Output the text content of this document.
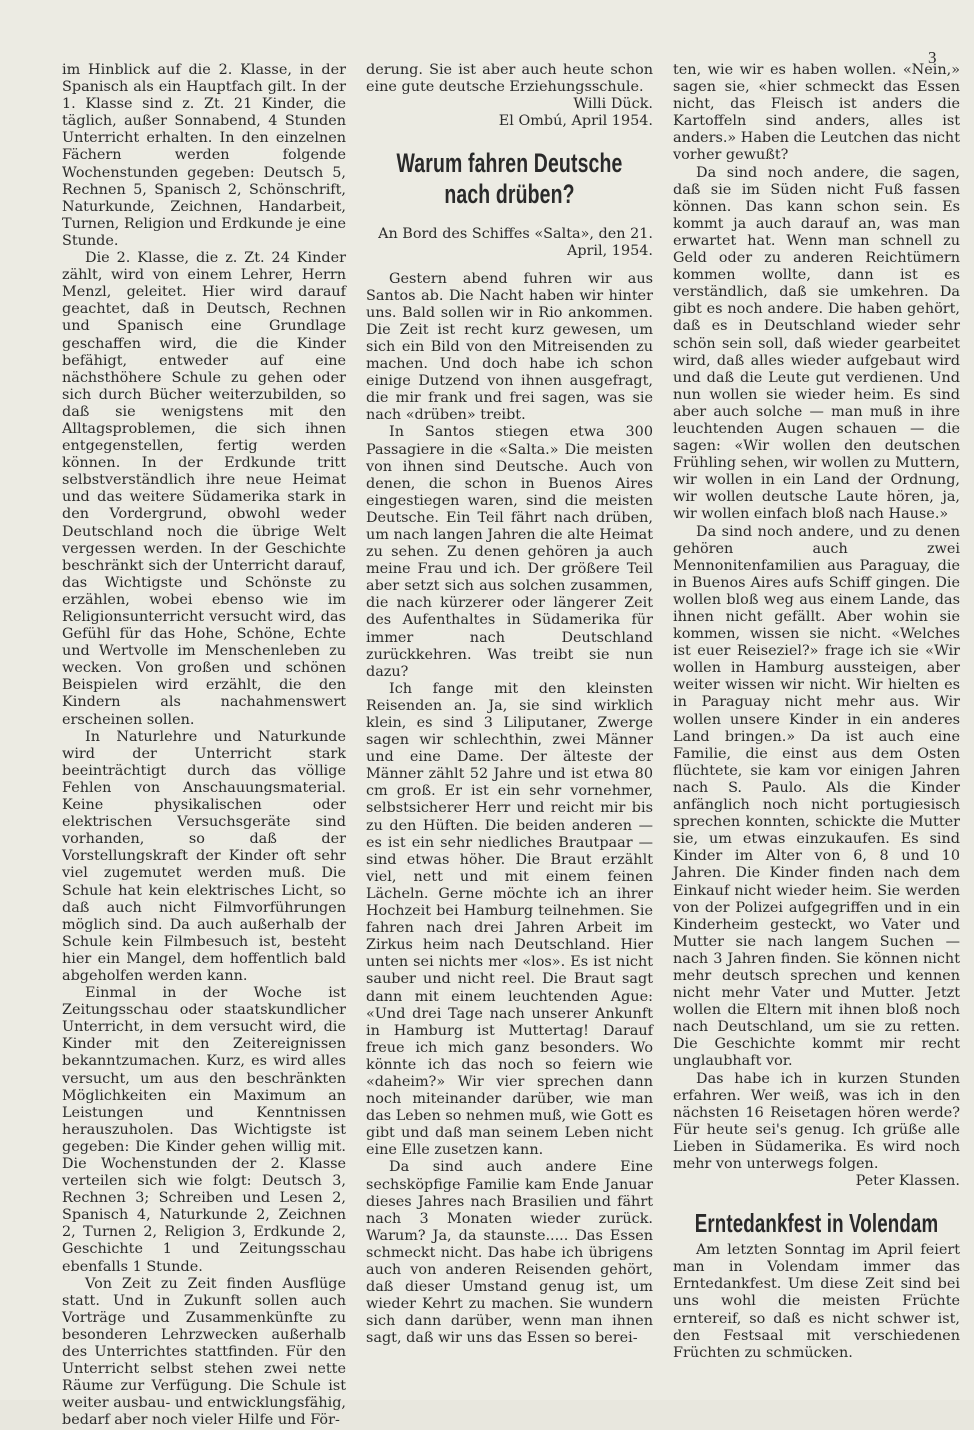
3

im Hinblick auf die 2. Klasse, in der Spanisch als ein Hauptfach gilt. In der 1. Klasse sind z. Zt. 21 Kinder, die täglich, außer Sonnabend, 4 Stunden Unterricht erhalten. In den einzelnen Fächern werden folgende Wochenstunden gegeben: Deutsch 5, Rechnen 5, Spanisch 2, Schönschrift, Naturkunde, Zeichnen, Handarbeit, Turnen, Religion und Erdkunde je eine Stunde.

Die 2. Klasse, die z. Zt. 24 Kinder zählt, wird von einem Lehrer, Herrn Menzl, geleitet. Hier wird darauf geachtet, daß in Deutsch, Rechnen und Spanisch eine Grundlage geschaffen wird, die die Kinder befähigt, entweder auf eine nächsthöhere Schule zu gehen oder sich durch Bücher weiterzubilden, so daß sie wenigstens mit den Alltagsproblemen, die sich ihnen entgegenstellen, fertig werden können. In der Erdkunde tritt selbstverständlich ihre neue Heimat und das weitere Südamerika stark in den Vordergrund, obwohl weder Deutschland noch die übrige Welt vergessen werden. In der Geschichte beschränkt sich der Unterricht darauf, das Wichtigste und Schönste zu erzählen, wobei ebenso wie im Religionsunterricht versucht wird, das Gefühl für das Hohe, Schöne, Echte und Wertvolle im Menschenleben zu wecken. Von großen und schönen Beispielen wird erzählt, die den Kindern als nachahmenswert erscheinen sollen.

In Naturlehre und Naturkunde wird der Unterricht stark beeinträchtigt durch das völlige Fehlen von Anschauungsmaterial. Keine physikalischen oder elektrischen Versuchsgeräte sind vorhanden, so daß der Vorstellungskraft der Kinder oft sehr viel zugemutet werden muß. Die Schule hat kein elektrisches Licht, so daß auch nicht Filmvorführungen möglich sind. Da auch außerhalb der Schule kein Filmbesuch ist, besteht hier ein Mangel, dem hoffentlich bald abgeholfen werden kann.

Einmal in der Woche ist Zeitungsschau oder staatskundlicher Unterricht, in dem versucht wird, die Kinder mit den Zeitereignissen bekanntzumachen. Kurz, es wird alles versucht, um aus den beschränkten Möglichkeiten ein Maximum an Leistungen und Kenntnissen herauszuholen. Das Wichtigste ist gegeben: Die Kinder gehen willig mit. Die Wochenstunden der 2. Klasse verteilen sich wie folgt: Deutsch 3, Rechnen 3; Schreiben und Lesen 2, Spanisch 4, Naturkunde 2, Zeichnen 2, Turnen 2, Religion 3, Erdkunde 2, Geschichte 1 und Zeitungsschau ebenfalls 1 Stunde.

Von Zeit zu Zeit finden Ausflüge statt. Und in Zukunft sollen auch Vorträge und Zusammenkünfte zu besonderen Lehrzwecken außerhalb des Unterrichtes stattfinden. Für den Unterricht selbst stehen zwei nette Räume zur Verfügung. Die Schule ist weiter ausbau- und entwicklungsfähig, bedarf aber noch vieler Hilfe und För-

derung. Sie ist aber auch heute schon eine gute deutsche Erziehungsschule.

Willi Dück.
El Ombú, April 1954.
Warum fahren Deutsche nach drüben?
An Bord des Schiffes «Salta», den 21. April, 1954.

Gestern abend fuhren wir aus Santos ab. Die Nacht haben wir hinter uns. Bald sollen wir in Rio ankommen. Die Zeit ist recht kurz gewesen, um sich ein Bild von den Mitreisenden zu machen. Und doch habe ich schon einige Dutzend von ihnen ausgefragt, die mir frank und frei sagen, was sie nach «drüben» treibt.

In Santos stiegen etwa 300 Passagiere in die «Salta.» Die meisten von ihnen sind Deutsche. Auch von denen, die schon in Buenos Aires eingestiegen waren, sind die meisten Deutsche. Ein Teil fährt nach drüben, um nach langen Jahren die alte Heimat zu sehen. Zu denen gehören ja auch meine Frau und ich. Der größere Teil aber setzt sich aus solchen zusammen, die nach kürzerer oder längerer Zeit des Aufenthaltes in Südamerika für immer nach Deutschland zurückkehren. Was treibt sie nun dazu?

Ich fange mit den kleinsten Reisenden an. Ja, sie sind wirklich klein, es sind 3 Liliputaner, Zwerge sagen wir schlechthin, zwei Männer und eine Dame. Der älteste der Männer zählt 52 Jahre und ist etwa 80 cm groß. Er ist ein sehr vornehmer, selbstsicherer Herr und reicht mir bis zu den Hüften. Die beiden anderen — es ist ein sehr niedliches Brautpaar — sind etwas höher. Die Braut erzählt viel, nett und mit einem feinen Lächeln. Gerne möchte ich an ihrer Hochzeit bei Hamburg teilnehmen. Sie fahren nach drei Jahren Arbeit im Zirkus heim nach Deutschland. Hier unten sei nichts mer «los». Es ist nicht sauber und nicht reel. Die Braut sagt dann mit einem leuchtenden Ague: «Und drei Tage nach unserer Ankunft in Hamburg ist Muttertag! Darauf freue ich mich ganz besonders. Wo könnte ich das noch so feiern wie «daheim?» Wir vier sprechen dann noch miteinander darüber, wie man das Leben so nehmen muß, wie Gott es gibt und daß man seinem Leben nicht eine Elle zusetzen kann.

Da sind auch andere Eine sechsköpfige Familie kam Ende Januar dieses Jahres nach Brasilien und fährt nach 3 Monaten wieder zurück. Warum? Ja, da staunste..... Das Essen schmeckt nicht. Das habe ich übrigens auch von anderen Reisenden gehört, daß dieser Umstand genug ist, um wieder Kehrt zu machen. Sie wundern sich dann darüber, wenn man ihnen sagt, daß wir uns das Essen so berei-

ten, wie wir es haben wollen. «Nein,» sagen sie, «hier schmeckt das Essen nicht, das Fleisch ist anders die Kartoffeln sind anders, alles ist anders.» Haben die Leutchen das nicht vorher gewußt?

Da sind noch andere, die sagen, daß sie im Süden nicht Fuß fassen können. Das kann schon sein. Es kommt ja auch darauf an, was man erwartet hat. Wenn man schnell zu Geld oder zu anderen Reichtümern kommen wollte, dann ist es verständlich, daß sie umkehren. Da gibt es noch andere. Die haben gehört, daß es in Deutschland wieder sehr schön sein soll, daß wieder gearbeitet wird, daß alles wieder aufgebaut wird und daß die Leute gut verdienen. Und nun wollen sie wieder heim. Es sind aber auch solche — man muß in ihre leuchtenden Augen schauen — die sagen: «Wir wollen den deutschen Frühling sehen, wir wollen zu Muttern, wir wollen in ein Land der Ordnung, wir wollen deutsche Laute hören, ja, wir wollen einfach bloß nach Hause.»

Da sind noch andere, und zu denen gehören auch zwei Mennonitenfamilien aus Paraguay, die in Buenos Aires aufs Schiff gingen. Die wollen bloß weg aus einem Lande, das ihnen nicht gefällt. Aber wohin sie kommen, wissen sie nicht. «Welches ist euer Reiseziel?» frage ich sie «Wir wollen in Hamburg aussteigen, aber weiter wissen wir nicht. Wir hielten es in Paraguay nicht mehr aus. Wir wollen unsere Kinder in ein anderes Land bringen.» Da ist auch eine Familie, die einst aus dem Osten flüchtete, sie kam vor einigen Jahren nach S. Paulo. Als die Kinder anfänglich noch nicht portugiesisch sprechen konnten, schickte die Mutter sie, um etwas einzukaufen. Es sind Kinder im Alter von 6, 8 und 10 Jahren. Die Kinder finden nach dem Einkauf nicht wieder heim. Sie werden von der Polizei aufgegriffen und in ein Kinderheim gesteckt, wo Vater und Mutter sie nach langem Suchen — nach 3 Jahren finden. Sie können nicht mehr deutsch sprechen und kennen nicht mehr Vater und Mutter. Jetzt wollen die Eltern mit ihnen bloß noch nach Deutschland, um sie zu retten. Die Geschichte kommt mir recht unglaubhaft vor.

Das habe ich in kurzen Stunden erfahren. Wer weiß, was ich in den nächsten 16 Reisetagen hören werde? Für heute sei's genug. Ich grüße alle Lieben in Südamerika. Es wird noch mehr von unterwegs folgen.

Peter Klassen.
Erntedankfest in Volendam

Am letzten Sonntag im April feiert man in Volendam immer das Erntedankfest. Um diese Zeit sind bei uns wohl die meisten Früchte erntereif, so daß es nicht schwer ist, den Festsaal mit verschiedenen Früchten zu schmücken.
